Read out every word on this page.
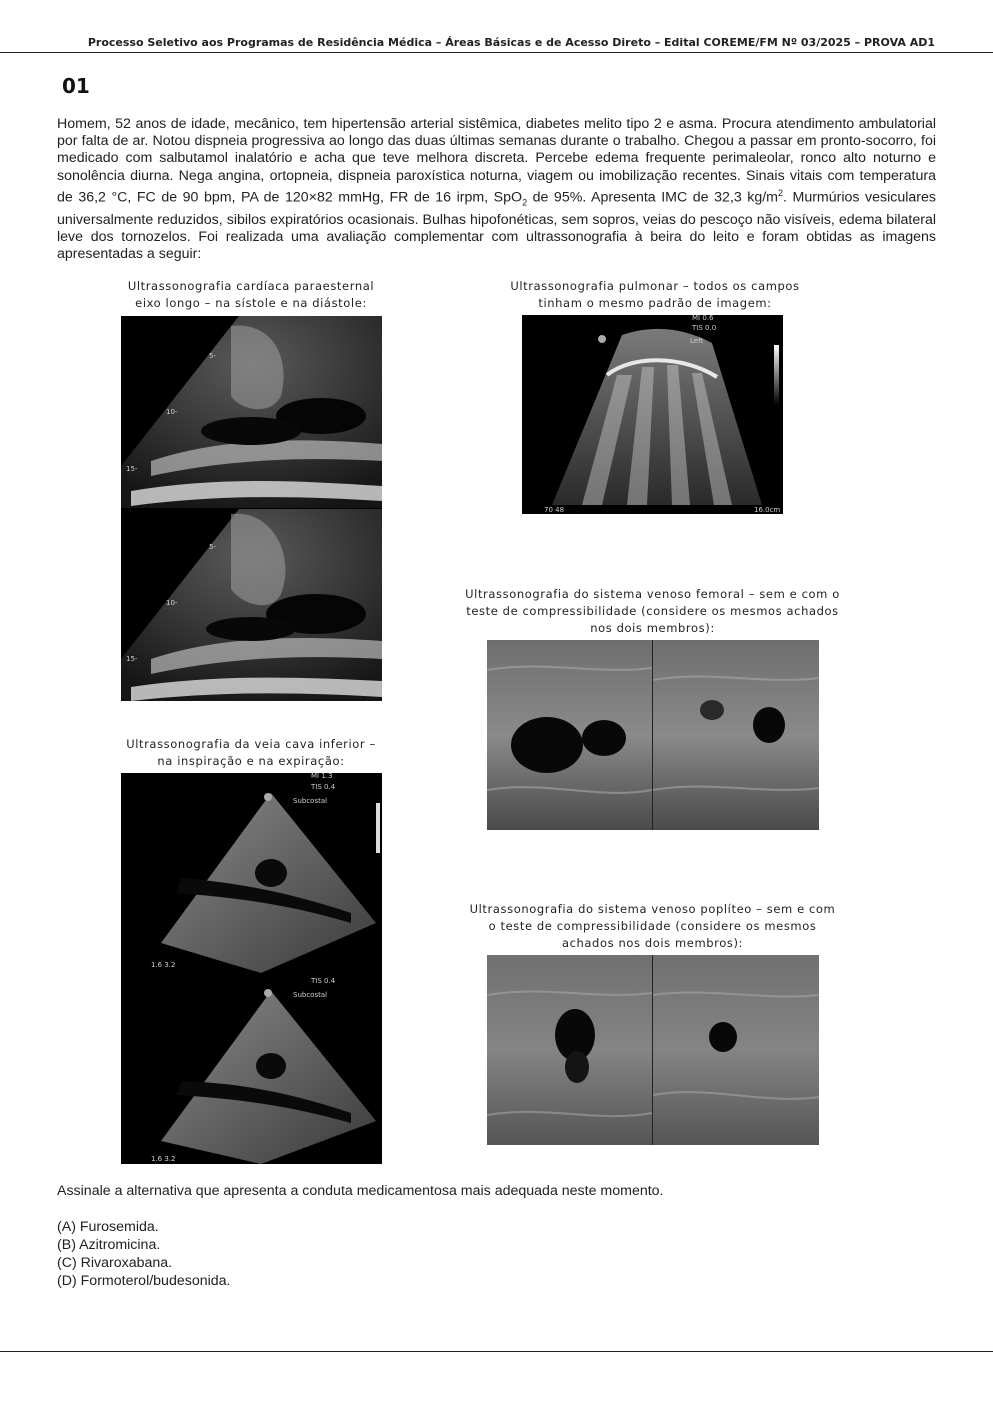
Processo Seletivo aos Programas de Residência Médica – Áreas Básicas e de Acesso Direto – Edital COREME/FM Nº 03/2025 – PROVA AD1
01

Homem, 52 anos de idade, mecânico, tem hipertensão arterial sistêmica, diabetes melito tipo 2 e asma. Procura atendimento ambulatorial por falta de ar. Notou dispneia progressiva ao longo das duas últimas semanas durante o trabalho. Chegou a passar em pronto-socorro, foi medicado com salbutamol inalatório e acha que teve melhora discreta. Percebe edema frequente perimaleolar, ronco alto noturno e sonolência diurna. Nega angina, ortopneia, dispneia paroxística noturna, viagem ou imobilização recentes. Sinais vitais com temperatura de 36,2 °C, FC de 90 bpm, PA de 120×82 mmHg, FR de 16 irpm, SpO$_2$ de 95%. Apresenta IMC de 32,3 $kg/m^2$. Murmúrios vesiculares universalmente reduzidos, sibilos expiratórios ocasionais. Bulhas hipofonéticas, sem sopros, veias do pescoço não visíveis, edema bilateral leve dos tornozelos. Foi realizada uma avaliação complementar com ultrassonografia à beira do leito e foram obtidas as imagens apresentadas a seguir:

Ultrassonografia cardíaca paraesternal
eixo longo – na sístole e na diástole:
5-
10-
15-
5-
10-
15-
Ultrassonografia pulmonar – todos os campos
tinham o mesmo padrão de imagem:
MI 0.6
TIS 0.0
Left
16.0cm
70 48
Ultrassonografia do sistema venoso femoral – sem e com o
teste de compressibilidade (considere os mesmos achados
nos dois membros):
Ultrassonografia da veia cava inferior –
na inspiração e na expiração:
MI 1.3
TIS 0.4
Subcostal
1.6 3.2
TIS 0.4
Subcostal
1.6 3.2
Ultrassonografia do sistema venoso poplíteo – sem e com
o teste de compressibilidade (considere os mesmos
achados nos dois membros):
Assinale a alternativa que apresenta a conduta medicamentosa mais adequada neste momento.
(A) Furosemida.
(B) Azitromicina.
(C) Rivaroxabana.
(D) Formoterol/budesonida.
